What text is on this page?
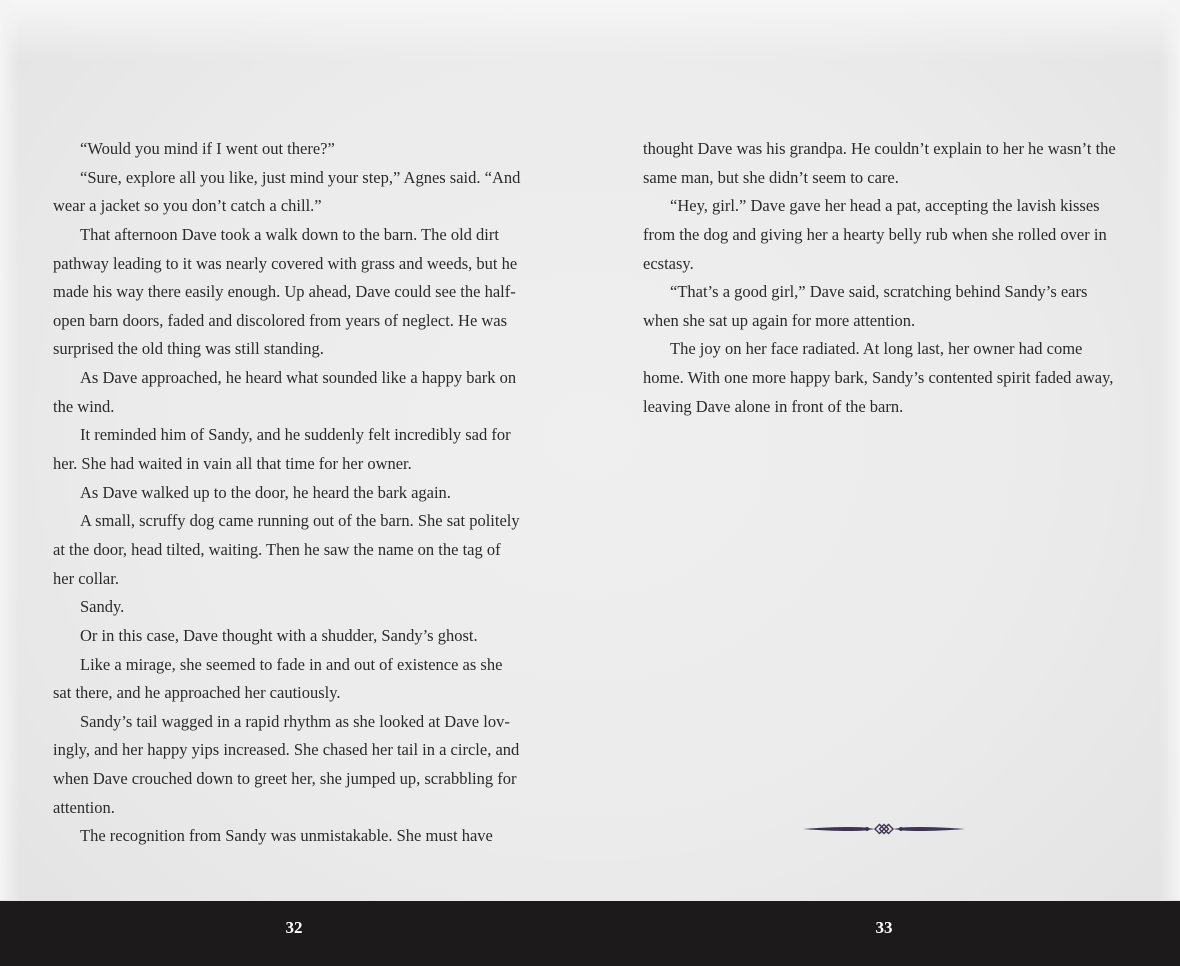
“Would you mind if I went out there?”
“Sure, explore all you like, just mind your step,” Agnes said. “And
wear a jacket so you don’t catch a chill.”
That afternoon Dave took a walk down to the barn. The old dirt
pathway leading to it was nearly covered with grass and weeds, but he
made his way there easily enough. Up ahead, Dave could see the half-
open barn doors, faded and discolored from years of neglect. He was
surprised the old thing was still standing.
As Dave approached, he heard what sounded like a happy bark on
the wind.
It reminded him of Sandy, and he suddenly felt incredibly sad for
her. She had waited in vain all that time for her owner.
As Dave walked up to the door, he heard the bark again.
A small, scruffy dog came running out of the barn. She sat politely
at the door, head tilted, waiting. Then he saw the name on the tag of
her collar.
Sandy.
Or in this case, Dave thought with a shudder, Sandy’s ghost.
Like a mirage, she seemed to fade in and out of existence as she
sat there, and he approached her cautiously.
Sandy’s tail wagged in a rapid rhythm as she looked at Dave lov-
ingly, and her happy yips increased. She chased her tail in a circle, and
when Dave crouched down to greet her, she jumped up, scrabbling for
attention.
The recognition from Sandy was unmistakable. She must have
thought Dave was his grandpa. He couldn’t explain to her he wasn’t the
same man, but she didn’t seem to care.
“Hey, girl.” Dave gave her head a pat, accepting the lavish kisses
from the dog and giving her a hearty belly rub when she rolled over in
ecstasy.
“That’s a good girl,” Dave said, scratching behind Sandy’s ears
when she sat up again for more attention.
The joy on her face radiated. At long last, her owner had come
home. With one more happy bark, Sandy’s contented spirit faded away,
leaving Dave alone in front of the barn.
32	33
